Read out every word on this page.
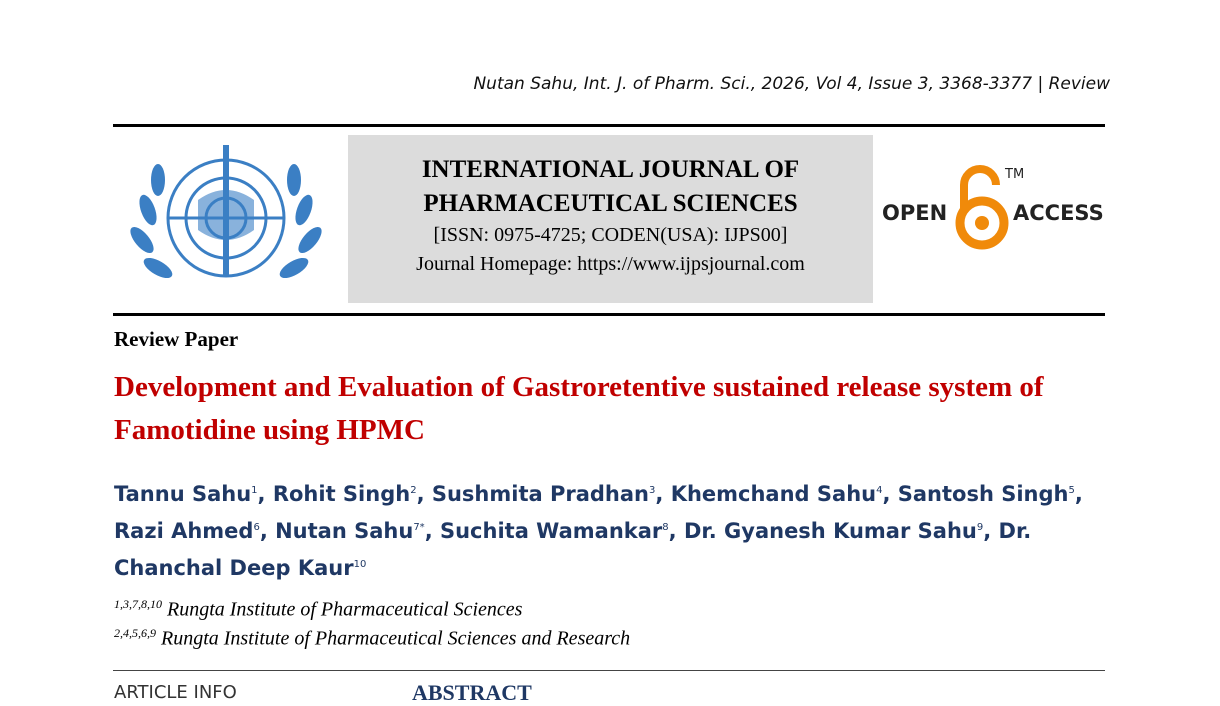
Nutan Sahu, Int. J. of Pharm. Sci., 2026, Vol 4, Issue 3, 3368-3377 | Review
INTERNATIONAL JOURNAL OF
PHARMACEUTICAL SCIENCES
[ISSN: 0975-4725; CODEN(USA): IJPS00]
Journal Homepage: https://www.ijpsjournal.com
OPEN
TM
ACCESS
Review Paper
Development and Evaluation of Gastroretentive sustained release system of Famotidine using HPMC
Tannu Sahu$^1$, Rohit Singh$^2$, Sushmita Pradhan$^3$, Khemchand Sahu$^4$, Santosh Singh$^5$, Razi Ahmed$^6$, Nutan Sahu$^{7*}$, Suchita Wamankar$^8$, Dr. Gyanesh Kumar Sahu$^9$, Dr. Chanchal Deep Kaur$^{10}$
$^{1,3,7,8,10}$ Rungta Institute of Pharmaceutical Sciences
$^{2,4,5,6,9}$ Rungta Institute of Pharmaceutical Sciences and Research
ARTICLE INFO	ABSTRACT
